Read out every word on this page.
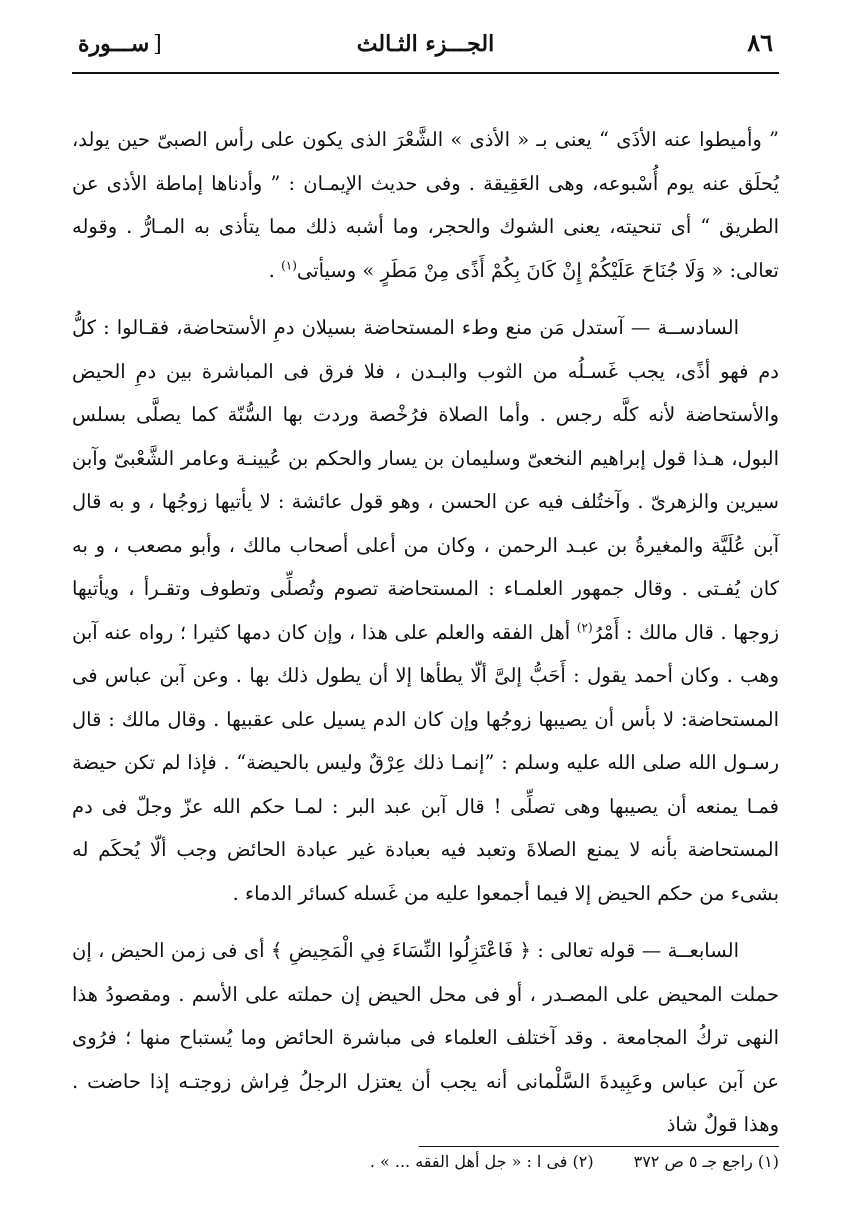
٨٦
الجـــزء الثـالث
[ســـورة

” وأميطوا عنه الأذَى “ يعنى بـ « الأذى » الشَّعْرَ الذى يكون على رأس الصبىّ حين يولد، يُحلَق عنه يوم أُسْبوعه، وهى العَقِيقة . وفى حديث الإيمـان : ” وأدناها إماطة الأذى عن الطريق “ أى تنحيته، يعنى الشوك والحجر، وما أشبه ذلك مما يتأذى به المـارُّ . وقوله تعالى: « وَلَا جُنَاحَ عَلَيْكُمْ إِنْ كَانَ بِكُمْ أَذًى مِنْ مَطَرٍ » وسيأتى$^{(١)}$ .

السادســة — آستدل مَن منع وطء المستحاضة بسيلان دمِ الأستحاضة، فقـالوا : كلُّ دم فهو أذًى، يجب غَسـلُه من الثوب والبـدن ، فلا فرق فى المباشرة بين دمِ الحيض والأستحاضة لأنه كلَّه رجس . وأما الصلاة فرُخْصة وردت بها السُّنّة كما يصلَّى بسلس البول، هـذا قول إبراهيم النخعىّ وسليمان بن يسار والحكم بن عُيينـة وعامر الشَّعْبىّ وآبن سيرين والزهرىّ . وآختُلف فيه عن الحسن ، وهو قول عائشة : لا يأتيها زوجُها ، و به قال آبن عُلَيَّة والمغيرةُ بن عبـد الرحمن ، وكان من أعلى أصحاب مالك ، وأبو مصعب ، و به كان يُفـتى . وقال جمهور العلمـاء : المستحاضة تصوم وتُصلِّى وتطوف وتقـرأ ، ويأتيها زوجها . قال مالك : أَمْرُ$^{(٢)}$ أهل الفقه والعلم على هذا ، وإن كان دمها كثيرا ؛ رواه عنه آبن وهب . وكان أحمد يقول : أَحَبُّ إلىَّ ألّا يطأها إلا أن يطول ذلك بها . وعن آبن عباس فى المستحاضة: لا بأس أن يصيبها زوجُها وإن كان الدم يسيل على عقبيها . وقال مالك : قال رسـول الله صلى الله عليه وسلم : ”إنمـا ذلك عِرْقٌ وليس بالحيضة“ . فإذا لم تكن حيضة فمـا يمنعه أن يصيبها وهى تصلِّى ! قال آبن عبد البر : لمـا حكم الله عزّ وجلّ فى دم المستحاضة بأنه لا يمنع الصلاةَ وتعبد فيه بعبادة غير عبادة الحائض وجب ألّا يُحكَم له بشىء من حكم الحيض إلا فيما أجمعوا عليه من غَسله كسائر الدماء .

السابعــة — قوله تعالى : ﴿ فَاعْتَزِلُوا النِّسَاءَ فِي الْمَحِيضِ ﴾ أى فى زمن الحيض ، إن حملت المحيض على المصـدر ، أو فى محل الحيض إن حملته على الأسم . ومقصودُ هذا النهى تركُ المجامعة . وقد آختلف العلماء فى مباشرة الحائض وما يُستباح منها ؛ فرُوى عن آبن عباس وعَبِيدةَ السَّلْمانى أنه يجب أن يعتزل الرجلُ فِراش زوجتـه إذا حاضت . وهذا قولٌ شاذ

(١) راجع جـ ٥ ص ٣٧٢
(٢) فى ا : « جل أهل الفقه ... » .
